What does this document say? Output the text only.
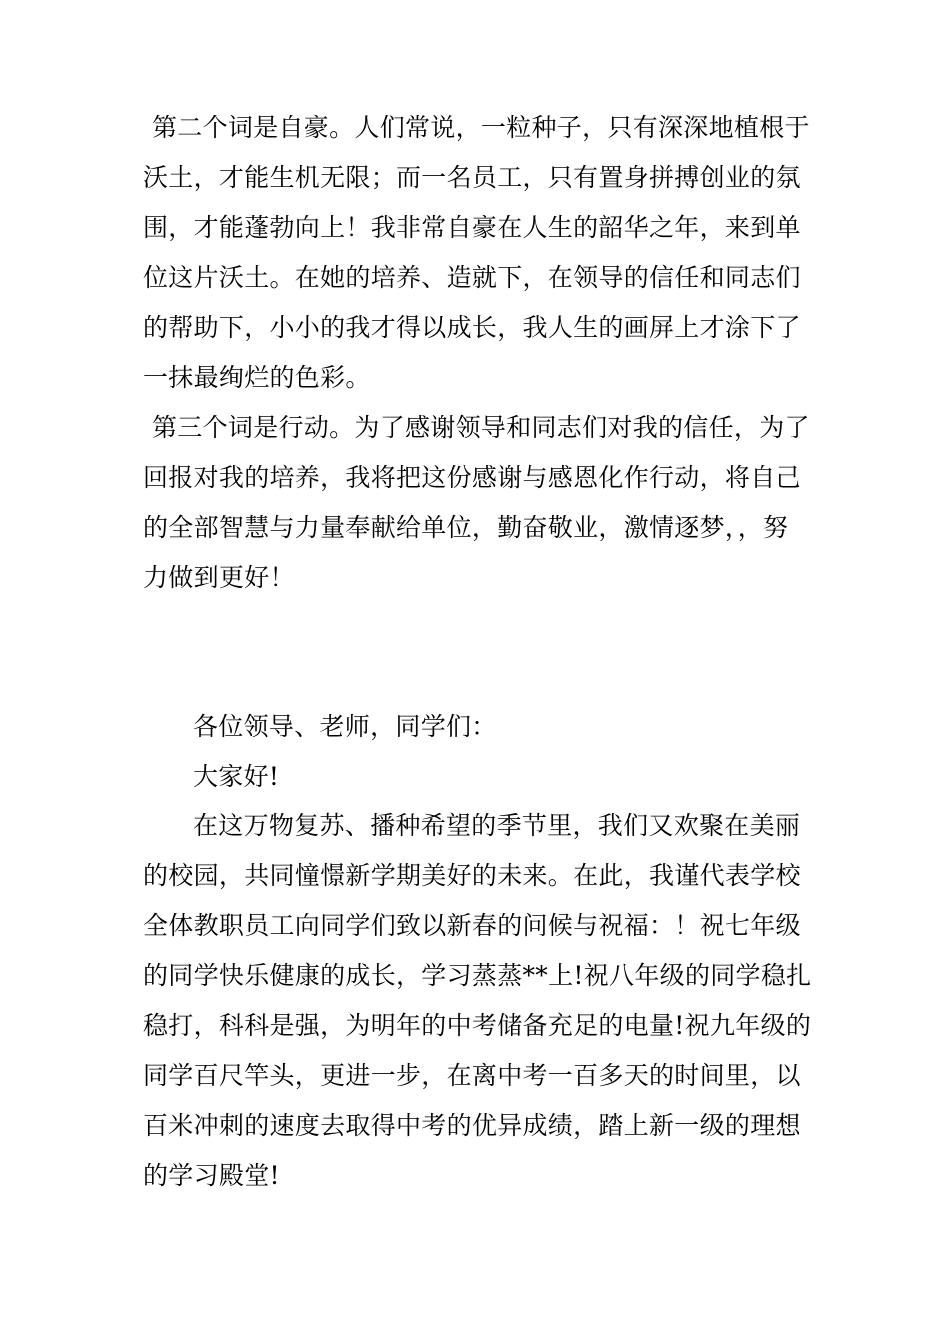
第二个词是自豪。人们常说，一粒种子，只有深深地植根于
沃土，才能生机无限；而一名员工，只有置身拼搏创业的氛
围，才能蓬勃向上！我非常自豪在人生的韶华之年，来到单
位这片沃土。在她的培养、造就下，在领导的信任和同志们
的帮助下，小小的我才得以成长，我人生的画屏上才涂下了
一抹最绚烂的色彩。
第三个词是行动。为了感谢领导和同志们对我的信任，为了
回报对我的培养，我将把这份感谢与感恩化作行动，将自己
的全部智慧与力量奉献给单位，勤奋敬业，激情逐梦，，努
力做到更好！
各位领导、老师，同学们：
大家好!
在这万物复苏、播种希望的季节里，我们又欢聚在美丽
的校园，共同憧憬新学期美好的未来。在此，我谨代表学校
全体教职员工向同学们致以新春的问候与祝福：！祝七年级
的同学快乐健康的成长，学习蒸蒸**上!祝八年级的同学稳扎
稳打，科科是强，为明年的中考储备充足的电量!祝九年级的
同学百尺竿头，更进一步，在离中考一百多天的时间里，以
百米冲刺的速度去取得中考的优异成绩，踏上新一级的理想
的学习殿堂!
